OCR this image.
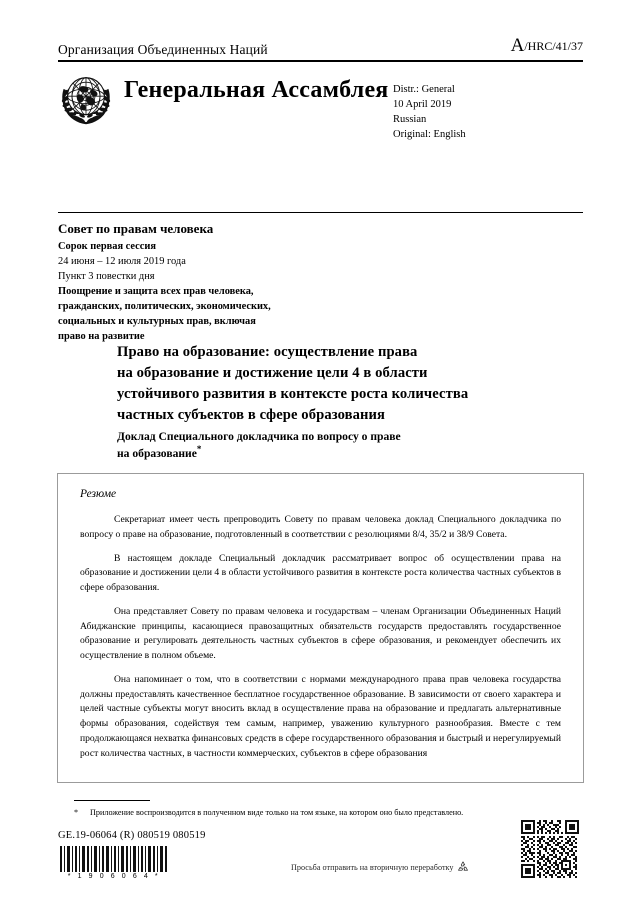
Организация Объединенных Наций	A/HRC/41/37
Генеральная Ассамблея Distr.: General
10 April 2019
Russian
Original: English
Совет по правам человека
Сорок первая сессия
24 июня – 12 июля 2019 года
Пункт 3 повестки дня
Поощрение и защита всех прав человека,
гражданских, политических, экономических,
социальных и культурных прав, включая
право на развитие
Право на образование: осуществление права
на образование и достижение цели 4 в области
устойчивого развития в контексте роста количества
частных субъектов в сфере образования
Доклад Специального докладчика по вопросу о праве
на образование*
Резюме

Секретариат имеет честь препроводить Совету по правам человека доклад Специального докладчика по вопросу о праве на образование, подготовленный в соответствии с резолюциями 8/4, 35/2 и 38/9 Совета.

В настоящем докладе Специальный докладчик рассматривает вопрос об осуществлении права на образование и достижении цели 4 в области устойчивого развития в контексте роста количества частных субъектов в сфере образования.

Она представляет Совету по правам человека и государствам – членам Организации Объединенных Наций Абиджанские принципы, касающиеся правозащитных обязательств государств предоставлять государственное образование и регулировать деятельность частных субъектов в сфере образования, и рекомендует обеспечить их осуществление в полном объеме.

Она напоминает о том, что в соответствии с нормами международного права прав человека государства должны предоставлять качественное бесплатное государственное образование. В зависимости от своего характера и целей частные субъекты могут вносить вклад в осуществление права на образование и предлагать альтернативные формы образования, содействуя тем самым, например, уважению культурного разнообразия. Вместе с тем продолжающаяся нехватка финансовых средств в сфере государственного образования и быстрый и нерегулируемый рост количества частных, в частности коммерческих, субъектов в сфере образования

* Приложение воспроизводится в полученном виде только на том языке, на котором оно было представлено.
GE.19-06064 (R) 080519 080519
* 1 9 0 6 0 6 4 *
Просьба отправить на вторичную переработку
